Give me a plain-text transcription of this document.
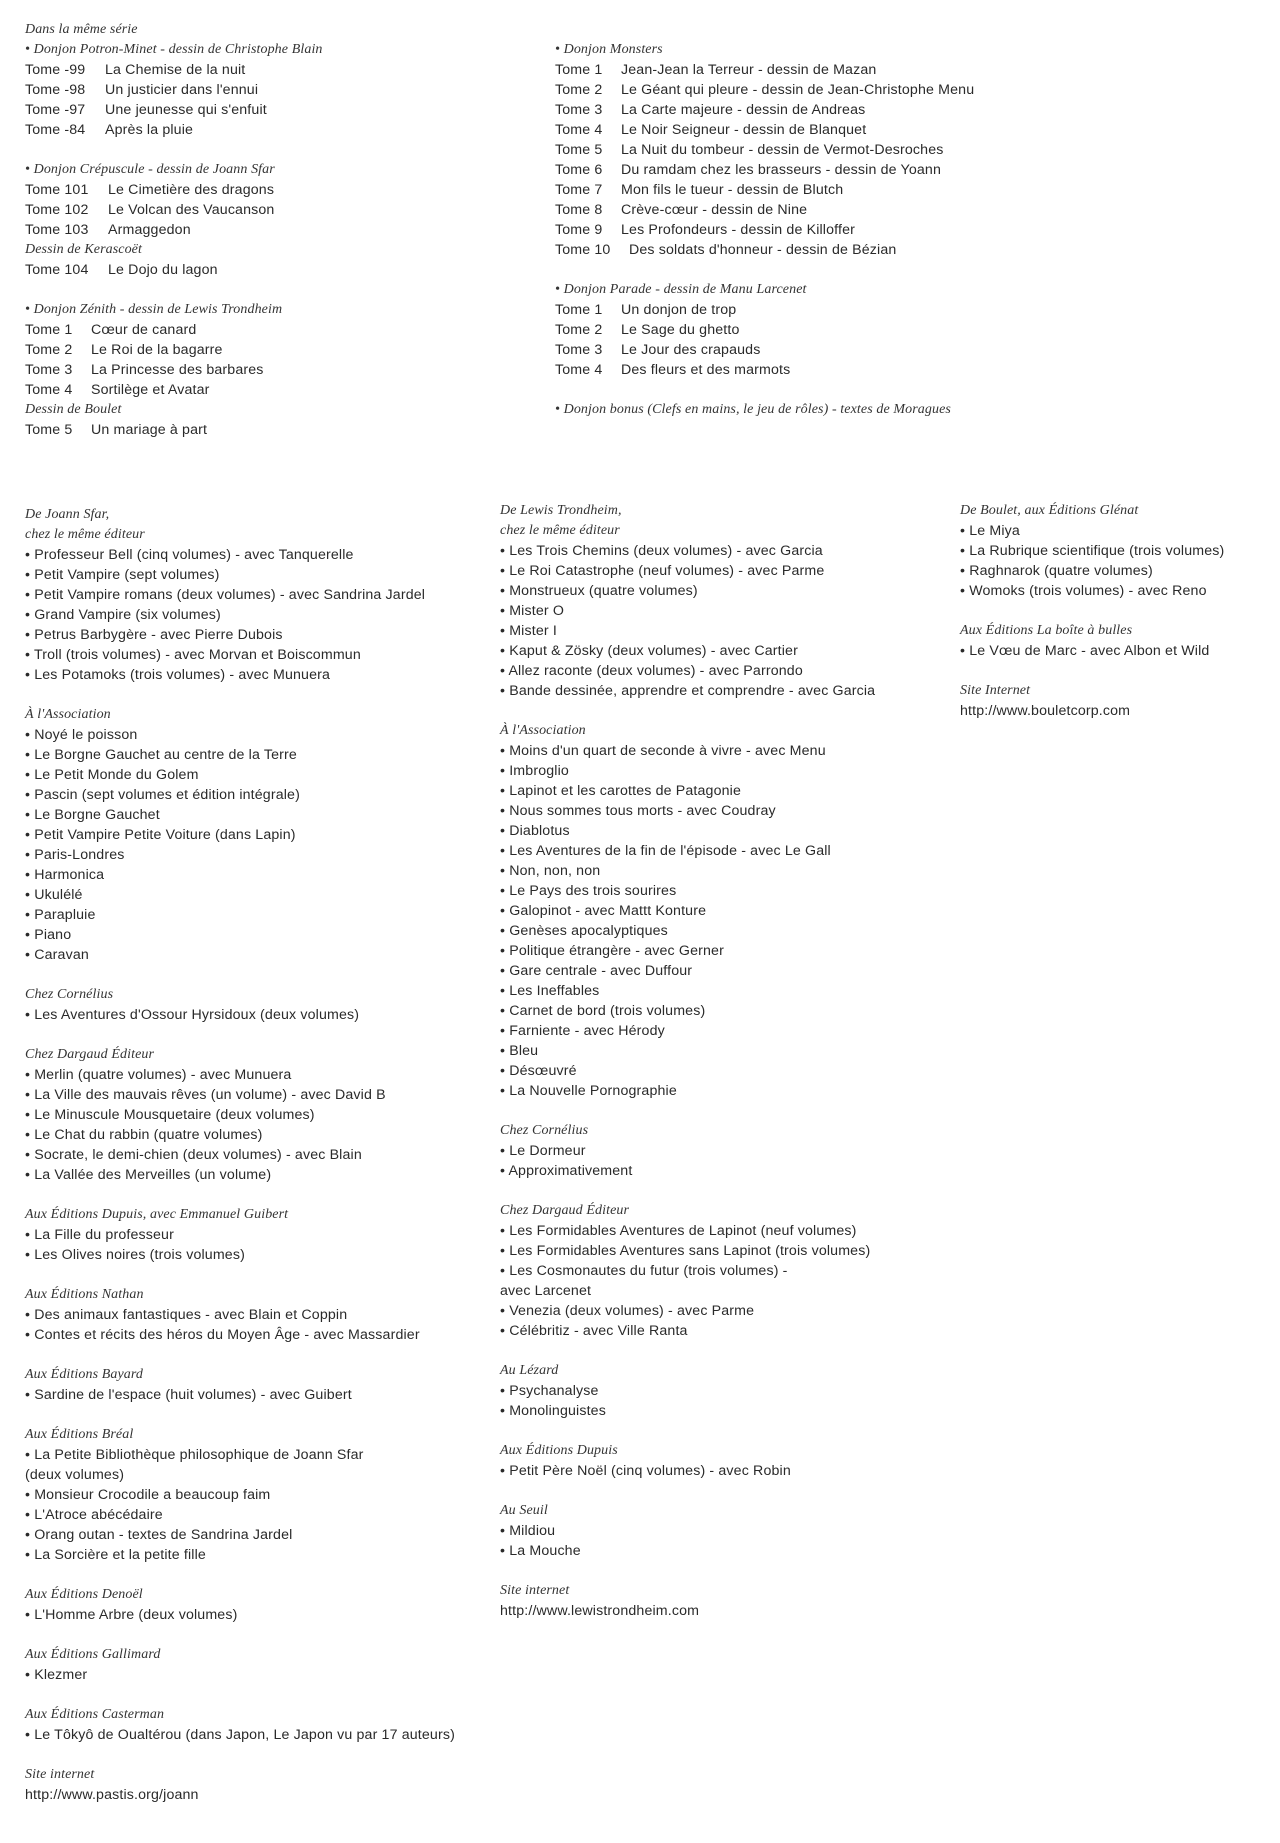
Dans la même série
• Donjon Potron-Minet - dessin de Christophe Blain
Tome -99 La Chemise de la nuit
Tome -98 Un justicier dans l'ennui
Tome -97 Une jeunesse qui s'enfuit
Tome -84 Après la pluie
• Donjon Crépuscule - dessin de Joann Sfar
Tome 101 Le Cimetière des dragons
Tome 102 Le Volcan des Vaucanson
Tome 103 Armaggedon
Dessin de Kerascoët
Tome 104 Le Dojo du lagon
• Donjon Zénith - dessin de Lewis Trondheim
Tome 1 Cœur de canard
Tome 2 Le Roi de la bagarre
Tome 3 La Princesse des barbares
Tome 4 Sortilège et Avatar
Dessin de Boulet
Tome 5 Un mariage à part
• Donjon Monsters
Tome 1 Jean-Jean la Terreur - dessin de Mazan
Tome 2 Le Géant qui pleure - dessin de Jean-Christophe Menu
Tome 3 La Carte majeure - dessin de Andreas
Tome 4 Le Noir Seigneur - dessin de Blanquet
Tome 5 La Nuit du tombeur - dessin de Vermot-Desroches
Tome 6 Du ramdam chez les brasseurs - dessin de Yoann
Tome 7 Mon fils le tueur - dessin de Blutch
Tome 8 Crève-cœur - dessin de Nine
Tome 9 Les Profondeurs - dessin de Killoffer
Tome 10 Des soldats d'honneur - dessin de Bézian
• Donjon Parade - dessin de Manu Larcenet
Tome 1 Un donjon de trop
Tome 2 Le Sage du ghetto
Tome 3 Le Jour des crapauds
Tome 4 Des fleurs et des marmots
• Donjon bonus (Clefs en mains, le jeu de rôles) - textes de Moragues
De Joann Sfar,
chez le même éditeur
• Professeur Bell (cinq volumes) - avec Tanquerelle
• Petit Vampire (sept volumes)
• Petit Vampire romans (deux volumes) - avec Sandrina Jardel
• Grand Vampire (six volumes)
• Petrus Barbygère - avec Pierre Dubois
• Troll (trois volumes) - avec Morvan et Boiscommun
• Les Potamoks (trois volumes) - avec Munuera
À l'Association
• Noyé le poisson
• Le Borgne Gauchet au centre de la Terre
• Le Petit Monde du Golem
• Pascin (sept volumes et édition intégrale)
• Le Borgne Gauchet
• Petit Vampire Petite Voiture (dans Lapin)
• Paris-Londres
• Harmonica
• Ukulélé
• Parapluie
• Piano
• Caravan
Chez Cornélius
• Les Aventures d'Ossour Hyrsidoux (deux volumes)
Chez Dargaud Éditeur
• Merlin (quatre volumes) - avec Munuera
• La Ville des mauvais rêves (un volume) - avec David B
• Le Minuscule Mousquetaire (deux volumes)
• Le Chat du rabbin (quatre volumes)
• Socrate, le demi-chien (deux volumes) - avec Blain
• La Vallée des Merveilles (un volume)
Aux Éditions Dupuis, avec Emmanuel Guibert
• La Fille du professeur
• Les Olives noires (trois volumes)
Aux Éditions Nathan
• Des animaux fantastiques - avec Blain et Coppin
• Contes et récits des héros du Moyen Âge - avec Massardier
Aux Éditions Bayard
• Sardine de l'espace (huit volumes) - avec Guibert
Aux Éditions Bréal
• La Petite Bibliothèque philosophique de Joann Sfar
(deux volumes)
• Monsieur Crocodile a beaucoup faim
• L'Atroce abécédaire
• Orang outan - textes de Sandrina Jardel
• La Sorcière et la petite fille
Aux Éditions Denoël
• L'Homme Arbre (deux volumes)
Aux Éditions Gallimard
• Klezmer
Aux Éditions Casterman
• Le Tôkyô de Oualtérou (dans Japon, Le Japon vu par 17 auteurs)
Site internet
http://www.pastis.org/joann
De Lewis Trondheim,
chez le même éditeur
• Les Trois Chemins (deux volumes) - avec Garcia
• Le Roi Catastrophe (neuf volumes) - avec Parme
• Monstrueux (quatre volumes)
• Mister O
• Mister I
• Kaput & Zösky (deux volumes) - avec Cartier
• Allez raconte (deux volumes) - avec Parrondo
• Bande dessinée, apprendre et comprendre - avec Garcia
À l'Association
• Moins d'un quart de seconde à vivre - avec Menu
• Imbroglio
• Lapinot et les carottes de Patagonie
• Nous sommes tous morts - avec Coudray
• Diablotus
• Les Aventures de la fin de l'épisode - avec Le Gall
• Non, non, non
• Le Pays des trois sourires
• Galopinot - avec Mattt Konture
• Genèses apocalyptiques
• Politique étrangère - avec Gerner
• Gare centrale - avec Duffour
• Les Ineffables
• Carnet de bord (trois volumes)
• Farniente - avec Hérody
• Bleu
• Désœuvré
• La Nouvelle Pornographie
Chez Cornélius
• Le Dormeur
• Approximativement
Chez Dargaud Éditeur
• Les Formidables Aventures de Lapinot (neuf volumes)
• Les Formidables Aventures sans Lapinot (trois volumes)
• Les Cosmonautes du futur (trois volumes) -
avec Larcenet
• Venezia (deux volumes) - avec Parme
• Célébritiz - avec Ville Ranta
Au Lézard
• Psychanalyse
• Monolinguistes
Aux Éditions Dupuis
• Petit Père Noël (cinq volumes) - avec Robin
Au Seuil
• Mildiou
• La Mouche
Site internet
http://www.lewistrondheim.com
De Boulet, aux Éditions Glénat
• Le Miya
• La Rubrique scientifique (trois volumes)
• Raghnarok (quatre volumes)
• Womoks (trois volumes) - avec Reno
Aux Éditions La boîte à bulles
• Le Vœu de Marc - avec Albon et Wild
Site Internet
http://www.bouletcorp.com
